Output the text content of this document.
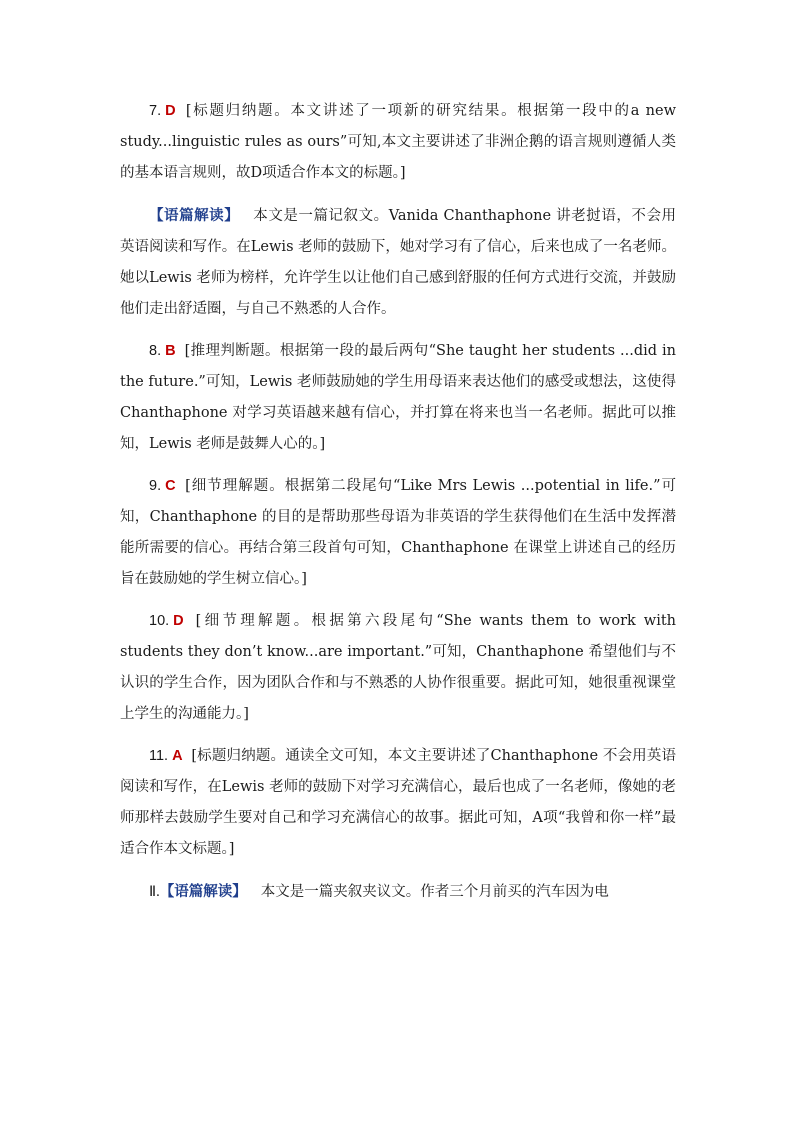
7. D [标题归纳题。本文讲述了一项新的研究结果。根据第一段中的a new study...linguistic rules as ours”可知,本文主要讲述了非洲企鹅的语言规则遵循人类的基本语言规则，故D项适合作本文的标题。]

【语篇解读】 本文是一篇记叙文。Vanida Chanthaphone 讲老挝语，不会用英语阅读和写作。在Lewis 老师的鼓励下，她对学习有了信心，后来也成了一名老师。她以Lewis 老师为榜样，允许学生以让他们自己感到舒服的任何方式进行交流，并鼓励他们走出舒适圈，与自己不熟悉的人合作。

8. B [推理判断题。根据第一段的最后两句“She taught her students ...did in the future.”可知，Lewis 老师鼓励她的学生用母语来表达他们的感受或想法，这使得Chanthaphone 对学习英语越来越有信心，并打算在将来也当一名老师。据此可以推知，Lewis 老师是鼓舞人心的。]

9. C [细节理解题。根据第二段尾句“Like Mrs Lewis ...potential in life.”可知，Chanthaphone 的目的是帮助那些母语为非英语的学生获得他们在生活中发挥潜能所需要的信心。再结合第三段首句可知，Chanthaphone 在课堂上讲述自己的经历旨在鼓励她的学生树立信心。]

10. D [细节理解题。根据第六段尾句“She wants them to work with students they don’t know...are important.”可知，Chanthaphone 希望他们与不认识的学生合作，因为团队合作和与不熟悉的人协作很重要。据此可知，她很重视课堂上学生的沟通能力。]

11. A [标题归纳题。通读全文可知，本文主要讲述了Chanthaphone 不会用英语阅读和写作，在Lewis 老师的鼓励下对学习充满信心，最后也成了一名老师，像她的老师那样去鼓励学生要对自己和学习充满信心的故事。据此可知，A项“我曾和你一样”最适合作本文标题。]

Ⅱ.【语篇解读】 本文是一篇夹叙夹议文。作者三个月前买的汽车因为电
